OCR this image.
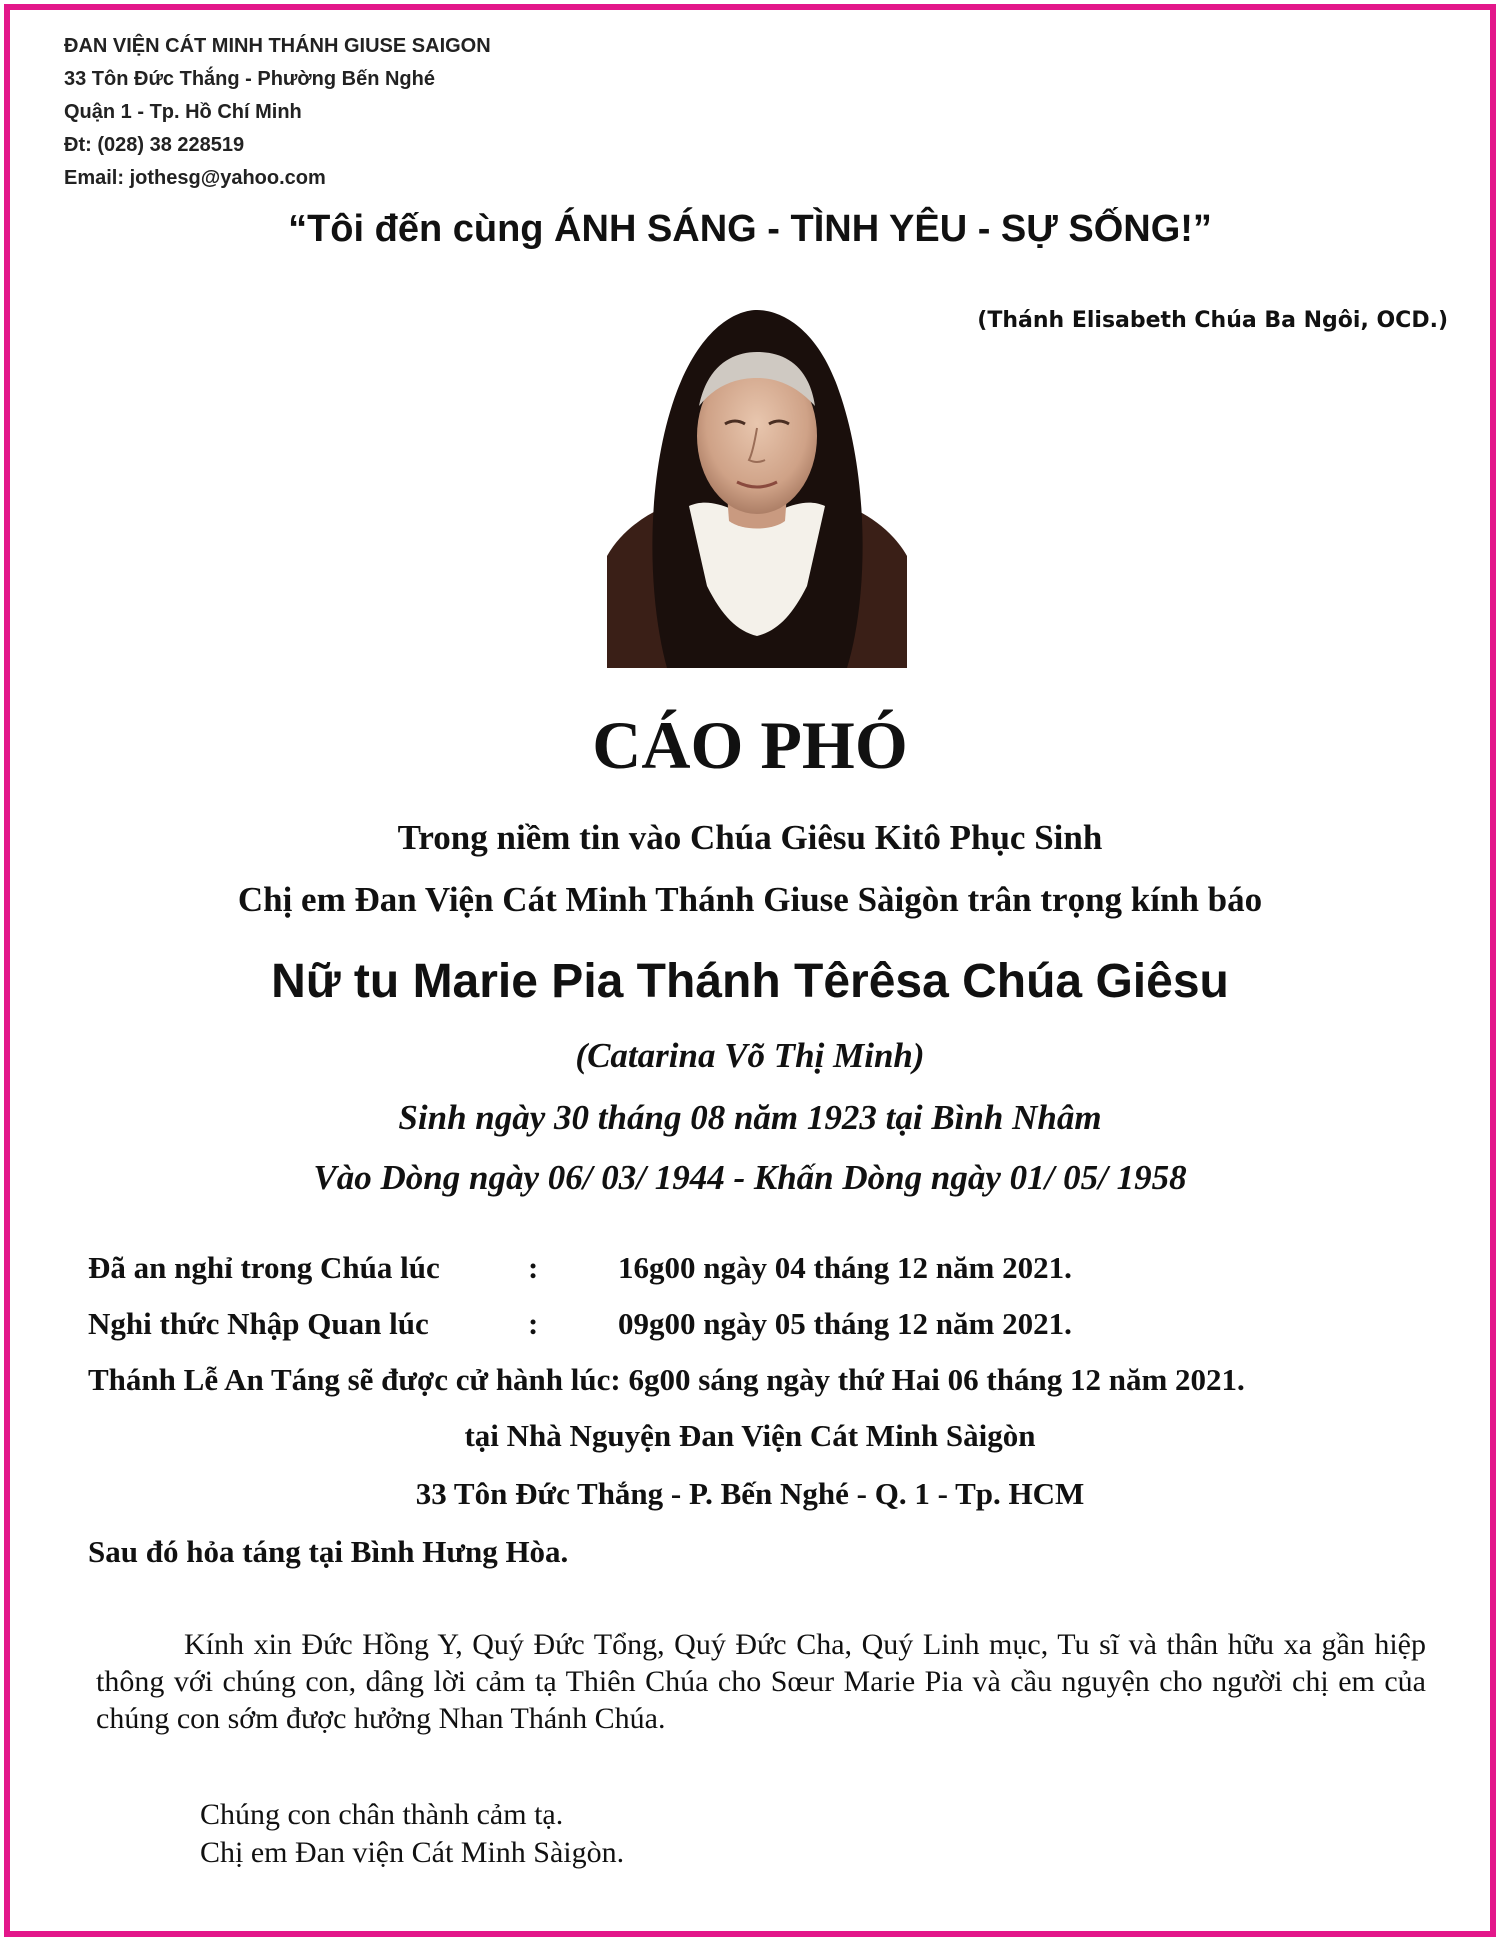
ĐAN VIỆN CÁT MINH THÁNH GIUSE SAIGON
33 Tôn Đức Thắng - Phường Bến Nghé
Quận 1 - Tp. Hồ Chí Minh
Đt: (028) 38 228519
Email: jothesg@yahoo.com
“Tôi đến cùng ÁNH SÁNG - TÌNH YÊU - SỰ SỐNG!”
(Thánh Elisabeth Chúa Ba Ngôi, OCD.)
CÁO PHÓ
Trong niềm tin vào Chúa Giêsu Kitô Phục Sinh
Chị em Đan Viện Cát Minh Thánh Giuse Sàigòn trân trọng kính báo
Nữ tu Marie Pia Thánh Têrêsa Chúa Giêsu
(Catarina Võ Thị Minh)
Sinh ngày 30 tháng 08 năm 1923 tại Bình Nhâm
Vào Dòng ngày 06/ 03/ 1944 - Khấn Dòng ngày 01/ 05/ 1958
Đã an nghỉ trong Chúa lúc	:	16g00 ngày 04 tháng 12 năm 2021.
Nghi thức Nhập Quan lúc	:	09g00 ngày 05 tháng 12 năm 2021.
Thánh Lễ An Táng sẽ được cử hành lúc: 6g00 sáng ngày thứ Hai 06 tháng 12 năm 2021.
tại Nhà Nguyện Đan Viện Cát Minh Sàigòn
33 Tôn Đức Thắng - P. Bến Nghé - Q. 1 - Tp. HCM
Sau đó hỏa táng tại Bình Hưng Hòa.
Kính xin Đức Hồng Y, Quý Đức Tổng, Quý Đức Cha, Quý Linh mục, Tu sĩ và thân hữu xa gần hiệp thông với chúng con, dâng lời cảm tạ Thiên Chúa cho Sœur Marie Pia và cầu nguyện cho người chị em của chúng con sớm được hưởng Nhan Thánh Chúa.
Chúng con chân thành cảm tạ.
Chị em Đan viện Cát Minh Sàigòn.
